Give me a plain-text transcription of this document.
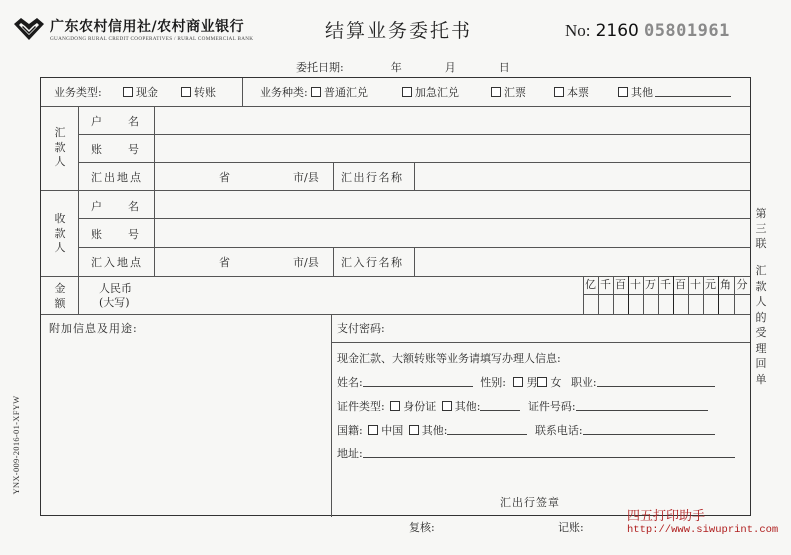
广东农村信用社/农村商业银行
GUANGDONG RURAL CREDIT COOPERATIVES / RURAL COMMERCIAL BANK	结算业务委托书	No: 2160 05801961
委托日期:	年	月	日
业务类型:	现金	转账	业务种类:	普通汇兑	加急汇兑	汇票	本票	其他
汇
款
人
户 名
账 号
汇出地点	省	市/县 汇出行名称
收
款
人
户 名
账 号
汇入地点	省	市/县 汇入行名称
金
额
人民币
(大写)
亿 千 百 十 万 千 百 十 元 角 分
附加信息及用途:	支付密码:
现金汇款、大额转账等业务请填写办理人信息:
姓名:	性别: 男 女 职业:
证件类型: 身份证 其他:	证件号码:
国籍: 中国 其他:	联系电话:
地址:
汇出行签章
第
三
联
汇
款
人
的
受
理
回
单
YNX-009-2016-01-XFYW
复核:	记账:
四五打印助手
http://www.siwuprint.com
